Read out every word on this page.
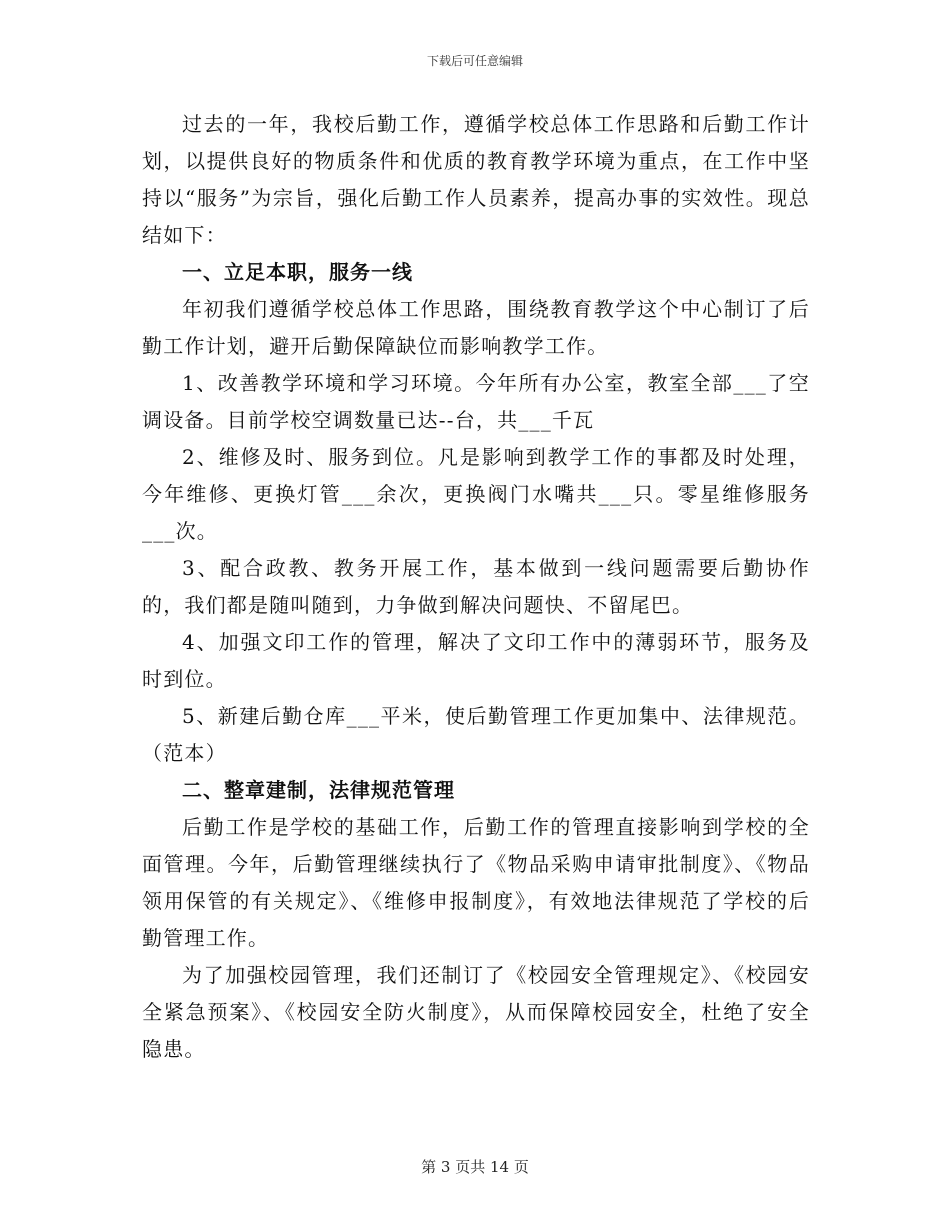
下载后可任意编辑

过去的一年，我校后勤工作，遵循学校总体工作思路和后勤工作计划，以提供良好的物质条件和优质的教育教学环境为重点，在工作中坚持以“服务”为宗旨，强化后勤工作人员素养，提高办事的实效性。现总结如下：

一、立足本职，服务一线

年初我们遵循学校总体工作思路，围绕教育教学这个中心制订了后勤工作计划，避开后勤保障缺位而影响教学工作。

1、改善教学环境和学习环境。今年所有办公室，教室全部___了空调设备。目前学校空调数量已达--台，共___千瓦

2、维修及时、服务到位。凡是影响到教学工作的事都及时处理，今年维修、更换灯管___余次，更换阀门水嘴共___只。零星维修服务___次。

3、配合政教、教务开展工作，基本做到一线问题需要后勤协作的，我们都是随叫随到，力争做到解决问题快、不留尾巴。

4、加强文印工作的管理，解决了文印工作中的薄弱环节，服务及时到位。

5、新建后勤仓库___平米，使后勤管理工作更加集中、法律规范。（范本）

二、整章建制，法律规范管理

后勤工作是学校的基础工作，后勤工作的管理直接影响到学校的全面管理。今年，后勤管理继续执行了《物品采购申请审批制度》、《物品领用保管的有关规定》、《维修申报制度》，有效地法律规范了学校的后勤管理工作。

为了加强校园管理，我们还制订了《校园安全管理规定》、《校园安全紧急预案》、《校园安全防火制度》，从而保障校园安全，杜绝了安全隐患。

第 3 页共 14 页
